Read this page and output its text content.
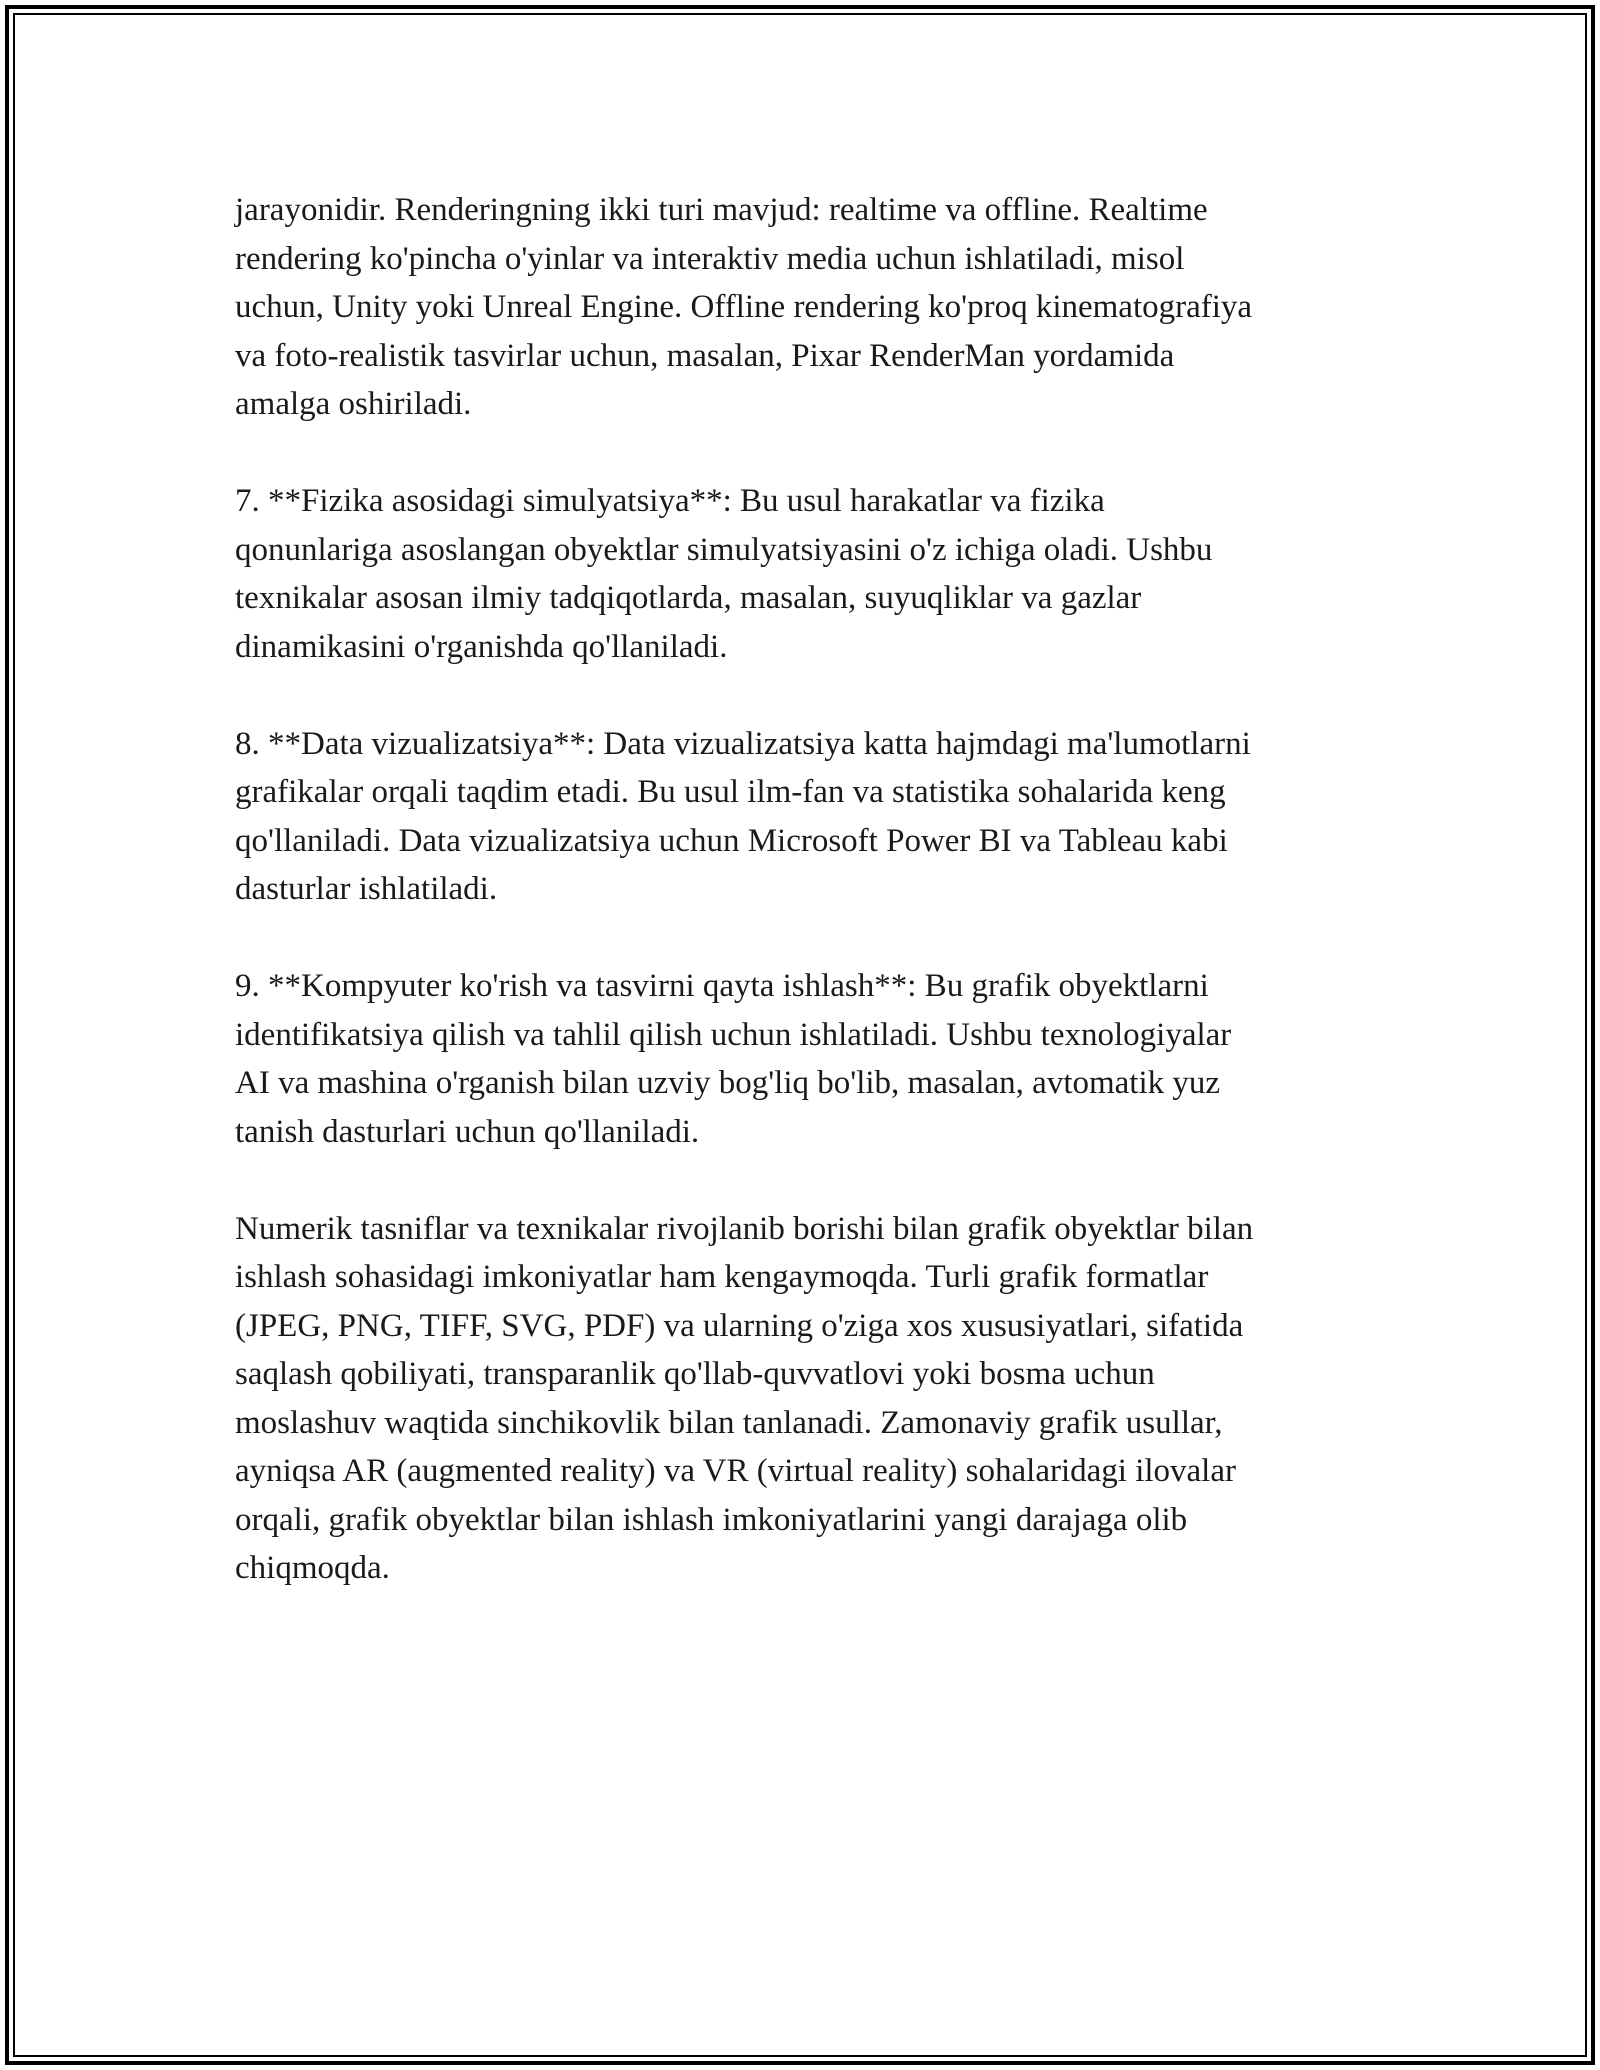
jarayonidir. Renderingning ikki turi mavjud: realtime va offline. Realtime
rendering ko'pincha o'yinlar va interaktiv media uchun ishlatiladi, misol
uchun, Unity yoki Unreal Engine. Offline rendering ko'proq kinematografiya
va foto-realistik tasvirlar uchun, masalan, Pixar RenderMan yordamida
amalga oshiriladi.

7. **Fizika asosidagi simulyatsiya**: Bu usul harakatlar va fizika
qonunlariga asoslangan obyektlar simulyatsiyasini o'z ichiga oladi. Ushbu
texnikalar asosan ilmiy tadqiqotlarda, masalan, suyuqliklar va gazlar
dinamikasini o'rganishda qo'llaniladi.

8. **Data vizualizatsiya**: Data vizualizatsiya katta hajmdagi ma'lumotlarni
grafikalar orqali taqdim etadi. Bu usul ilm-fan va statistika sohalarida keng
qo'llaniladi. Data vizualizatsiya uchun Microsoft Power BI va Tableau kabi
dasturlar ishlatiladi.

9. **Kompyuter ko'rish va tasvirni qayta ishlash**: Bu grafik obyektlarni
identifikatsiya qilish va tahlil qilish uchun ishlatiladi. Ushbu texnologiyalar
AI va mashina o'rganish bilan uzviy bog'liq bo'lib, masalan, avtomatik yuz
tanish dasturlari uchun qo'llaniladi.

Numerik tasniflar va texnikalar rivojlanib borishi bilan grafik obyektlar bilan
ishlash sohasidagi imkoniyatlar ham kengaymoqda. Turli grafik formatlar
(JPEG, PNG, TIFF, SVG, PDF) va ularning o'ziga xos xususiyatlari, sifatida
saqlash qobiliyati, transparanlik qo'llab-quvvatlovi yoki bosma uchun
moslashuv waqtida sinchikovlik bilan tanlanadi. Zamonaviy grafik usullar,
ayniqsa AR (augmented reality) va VR (virtual reality) sohalaridagi ilovalar
orqali, grafik obyektlar bilan ishlash imkoniyatlarini yangi darajaga olib
chiqmoqda.
